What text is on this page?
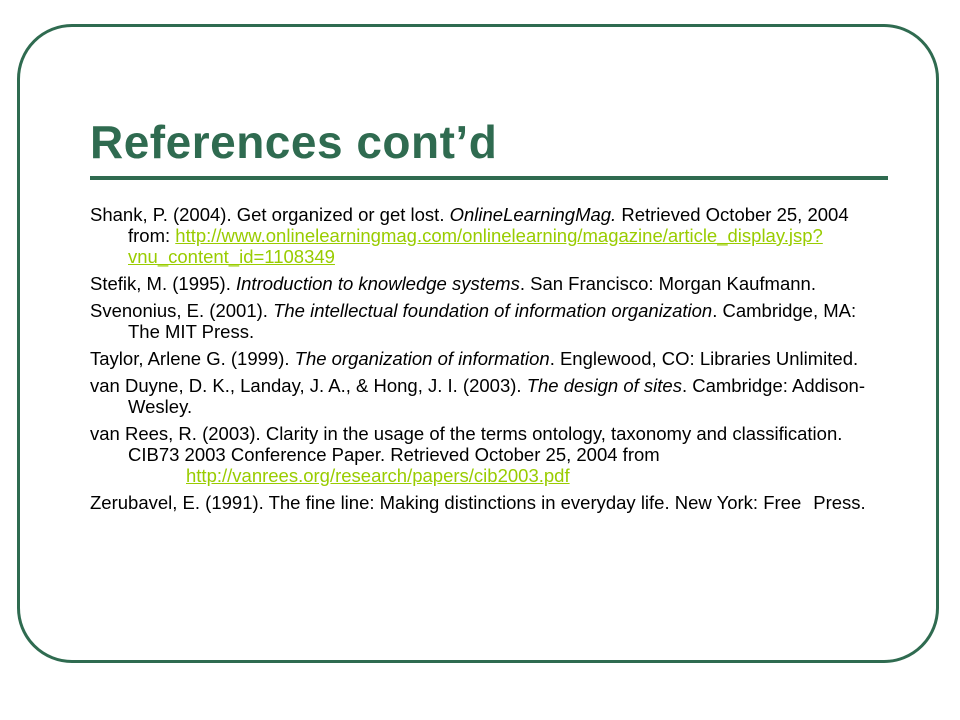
References cont’d
Shank, P. (2004). Get organized or get lost. OnlineLearningMag. Retrieved October 25, 2004 from: http://www.onlinelearningmag.com/onlinelearning/magazine/article_display.jsp?vnu_content_id=1108349
Stefik, M. (1995). Introduction to knowledge systems. San Francisco: Morgan Kaufmann.
Svenonius, E. (2001). The intellectual foundation of information organization. Cambridge, MA: The MIT Press.
Taylor, Arlene G. (1999). The organization of information. Englewood, CO: Libraries Unlimited.
van Duyne, D. K., Landay, J. A., & Hong, J. I. (2003). The design of sites. Cambridge: Addison-Wesley.
van Rees, R. (2003). Clarity in the usage of the terms ontology, taxonomy and classification. CIB73 2003 Conference Paper. Retrieved October 25, 2004 from
http://vanrees.org/research/papers/cib2003.pdf
Zerubavel, E. (1991). The fine line: Making distinctions in everyday life. New York: Free Press.
